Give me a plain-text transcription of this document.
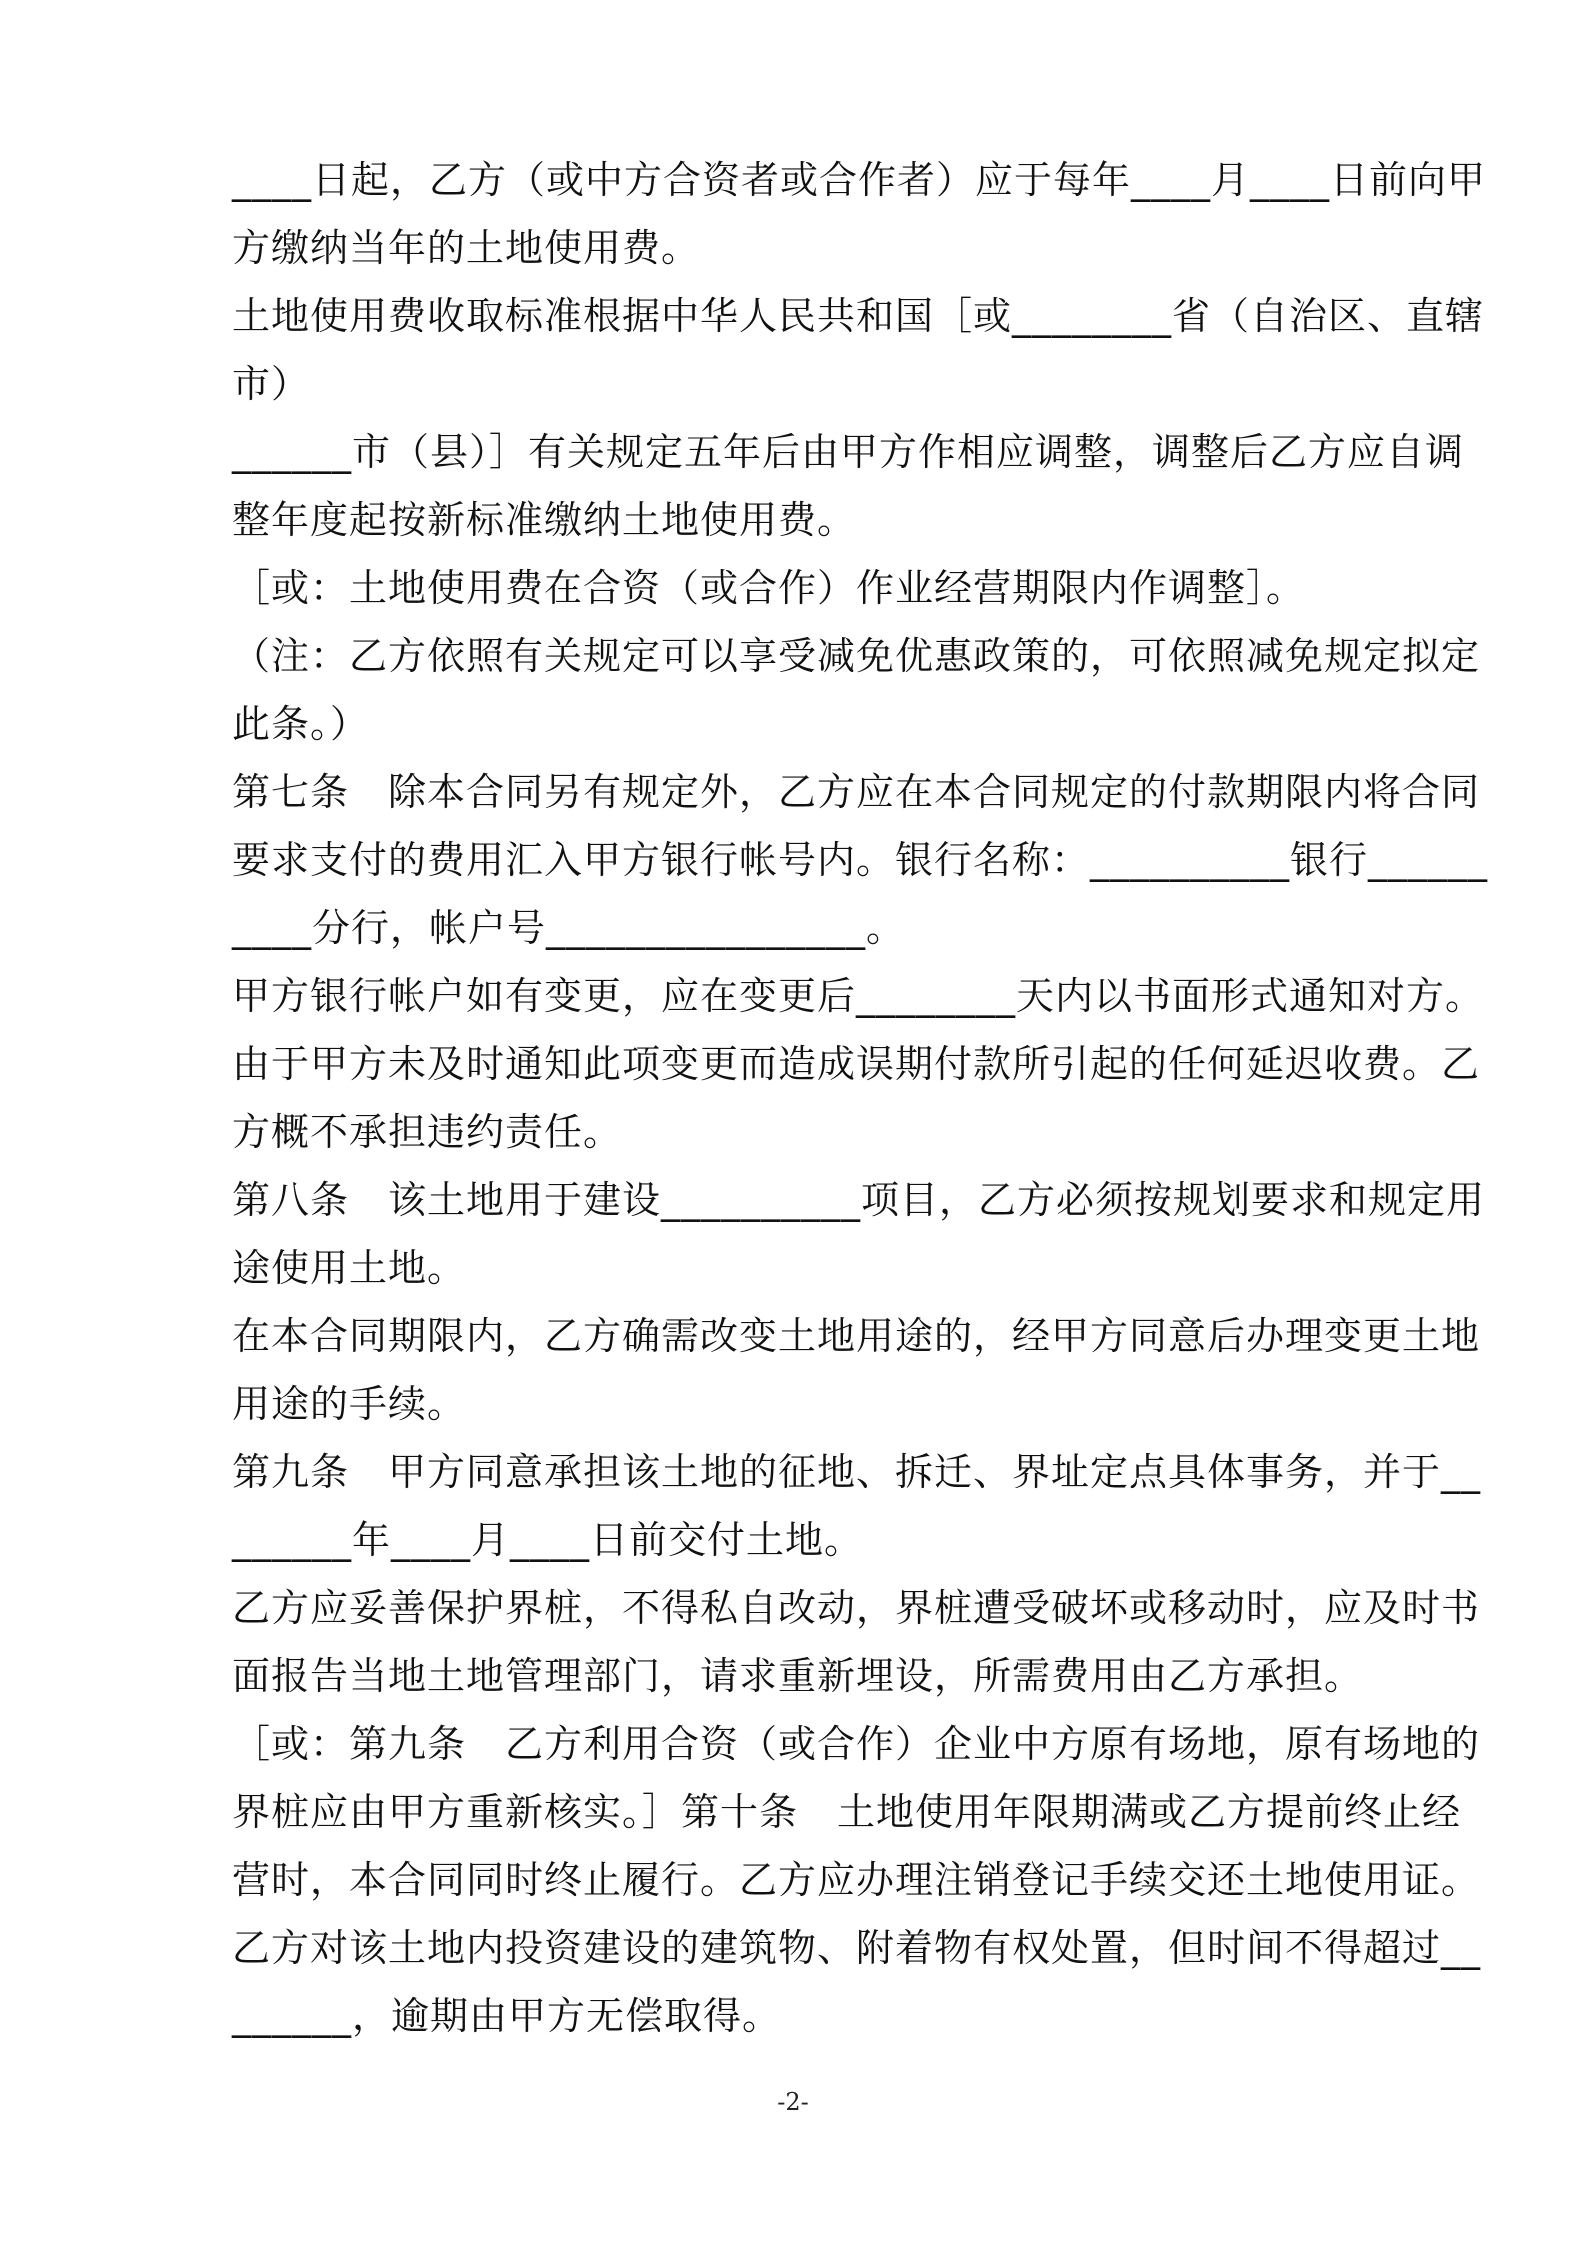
____日起，乙方（或中方合资者或合作者）应于每年____月____日前向甲
方缴纳当年的土地使用费。
土地使用费收取标准根据中华人民共和国［或________省（自治区、直辖
市）
______市（县）］有关规定五年后由甲方作相应调整，调整后乙方应自调
整年度起按新标准缴纳土地使用费。
［或：土地使用费在合资（或合作）作业经营期限内作调整］。
（注：乙方依照有关规定可以享受减免优惠政策的，可依照减免规定拟定
此条。）
第七条　除本合同另有规定外，乙方应在本合同规定的付款期限内将合同
要求支付的费用汇入甲方银行帐号内。银行名称：__________银行______
____分行，帐户号________________。
甲方银行帐户如有变更，应在变更后________天内以书面形式通知对方。
由于甲方未及时通知此项变更而造成误期付款所引起的任何延迟收费。乙
方概不承担违约责任。
第八条　该土地用于建设__________项目，乙方必须按规划要求和规定用
途使用土地。
在本合同期限内，乙方确需改变土地用途的，经甲方同意后办理变更土地
用途的手续。
第九条　甲方同意承担该土地的征地、拆迁、界址定点具体事务，并于__
______年____月____日前交付土地。
乙方应妥善保护界桩，不得私自改动，界桩遭受破坏或移动时，应及时书
面报告当地土地管理部门，请求重新埋设，所需费用由乙方承担。
［或：第九条　乙方利用合资（或合作）企业中方原有场地，原有场地的
界桩应由甲方重新核实。］第十条　土地使用年限期满或乙方提前终止经
营时，本合同同时终止履行。乙方应办理注销登记手续交还土地使用证。
乙方对该土地内投资建设的建筑物、附着物有权处置，但时间不得超过__
______，逾期由甲方无偿取得。
-2-
